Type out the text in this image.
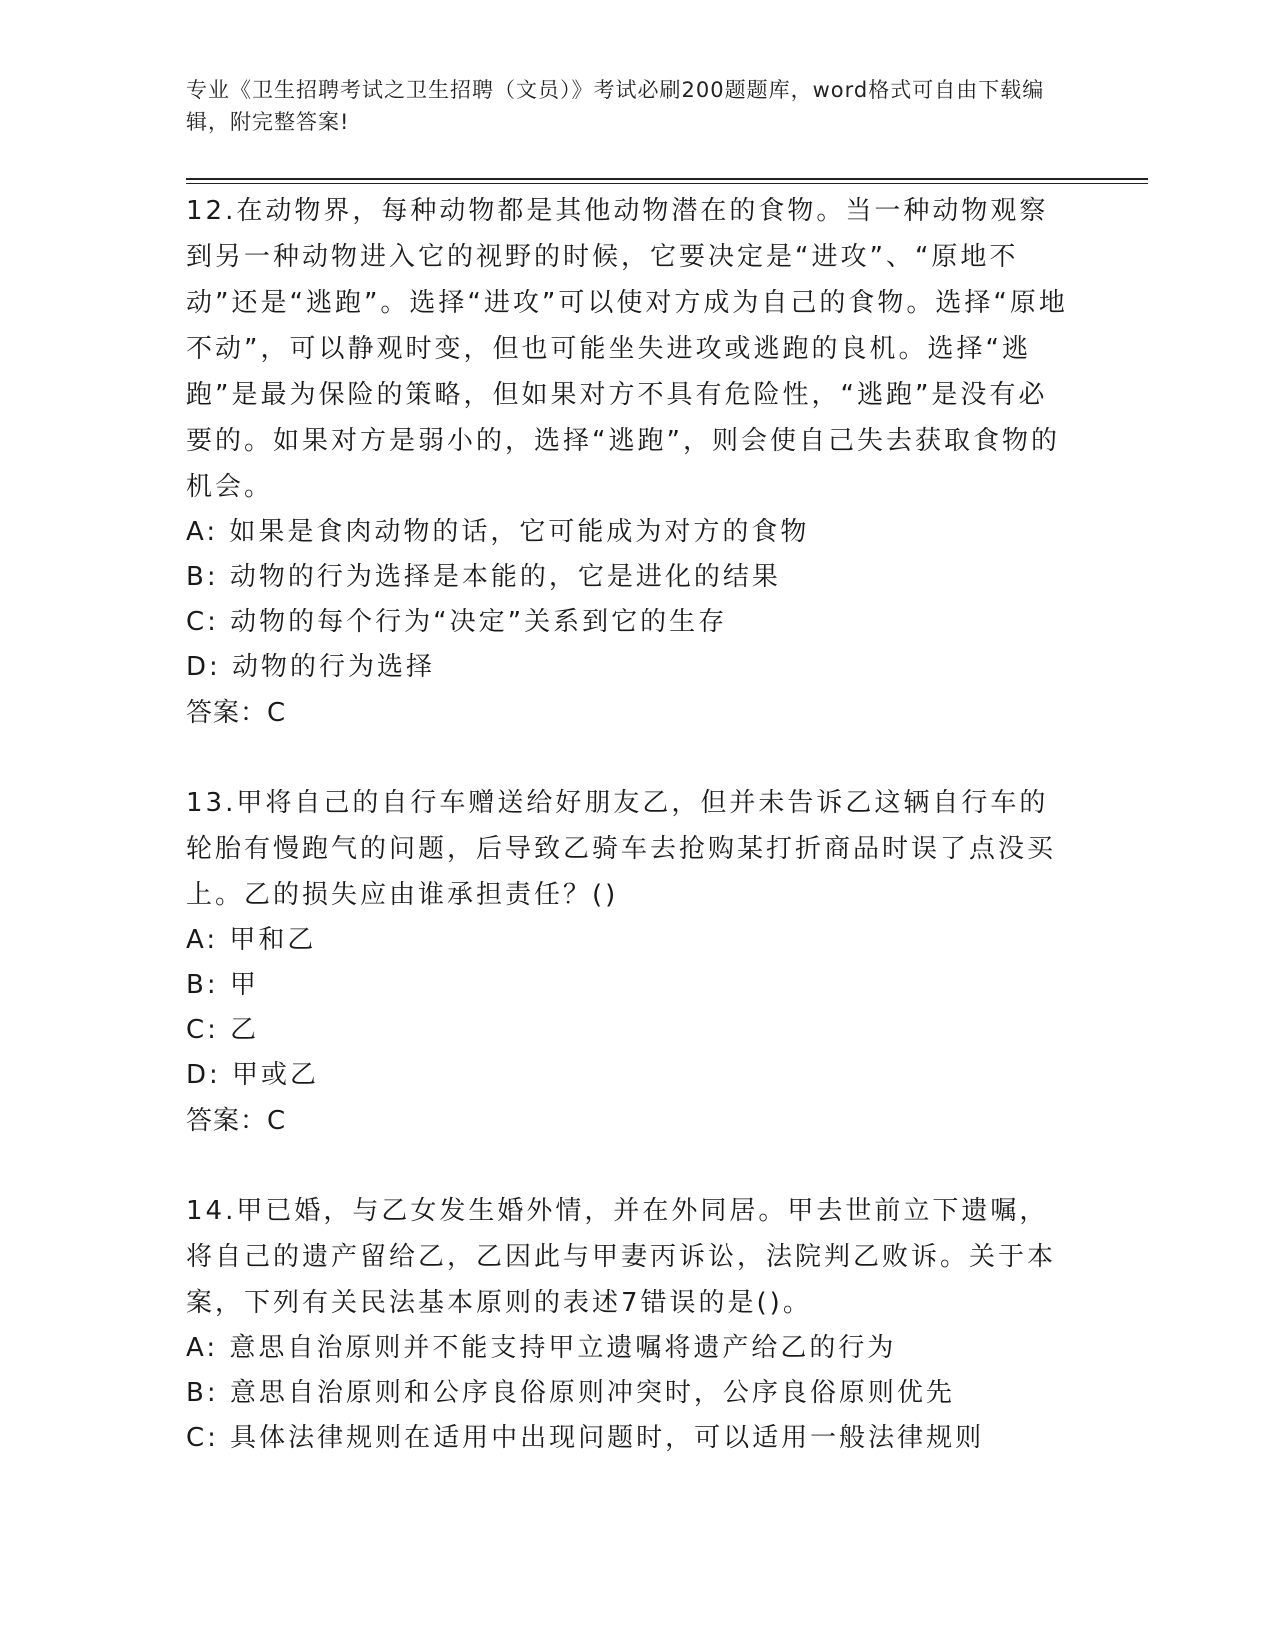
专业《卫生招聘考试之卫生招聘（文员）》考试必刷200题题库，word格式可自由下载编辑，附完整答案!

12.在动物界，每种动物都是其他动物潜在的食物。当一种动物观察到另一种动物进入它的视野的时候，它要决定是“进攻”、“原地不动”还是“逃跑”。选择“进攻”可以使对方成为自己的食物。选择“原地不动”，可以静观时变，但也可能坐失进攻或逃跑的良机。选择“逃跑”是最为保险的策略，但如果对方不具有危险性，“逃跑”是没有必要的。如果对方是弱小的，选择“逃跑”，则会使自己失去获取食物的机会。

A: 如果是食肉动物的话，它可能成为对方的食物

B: 动物的行为选择是本能的，它是进化的结果

C: 动物的每个行为“决定”关系到它的生存

D: 动物的行为选择

答案：C

13.甲将自己的自行车赠送给好朋友乙，但并未告诉乙这辆自行车的轮胎有慢跑气的问题，后导致乙骑车去抢购某打折商品时误了点没买上。乙的损失应由谁承担责任？()

A: 甲和乙

B: 甲

C: 乙

D: 甲或乙

答案：C

14.甲已婚，与乙女发生婚外情，并在外同居。甲去世前立下遗嘱，将自己的遗产留给乙，乙因此与甲妻丙诉讼，法院判乙败诉。关于本案，下列有关民法基本原则的表述7错误的是()。

A: 意思自治原则并不能支持甲立遗嘱将遗产给乙的行为

B: 意思自治原则和公序良俗原则冲突时，公序良俗原则优先

C: 具体法律规则在适用中出现问题时，可以适用一般法律规则
